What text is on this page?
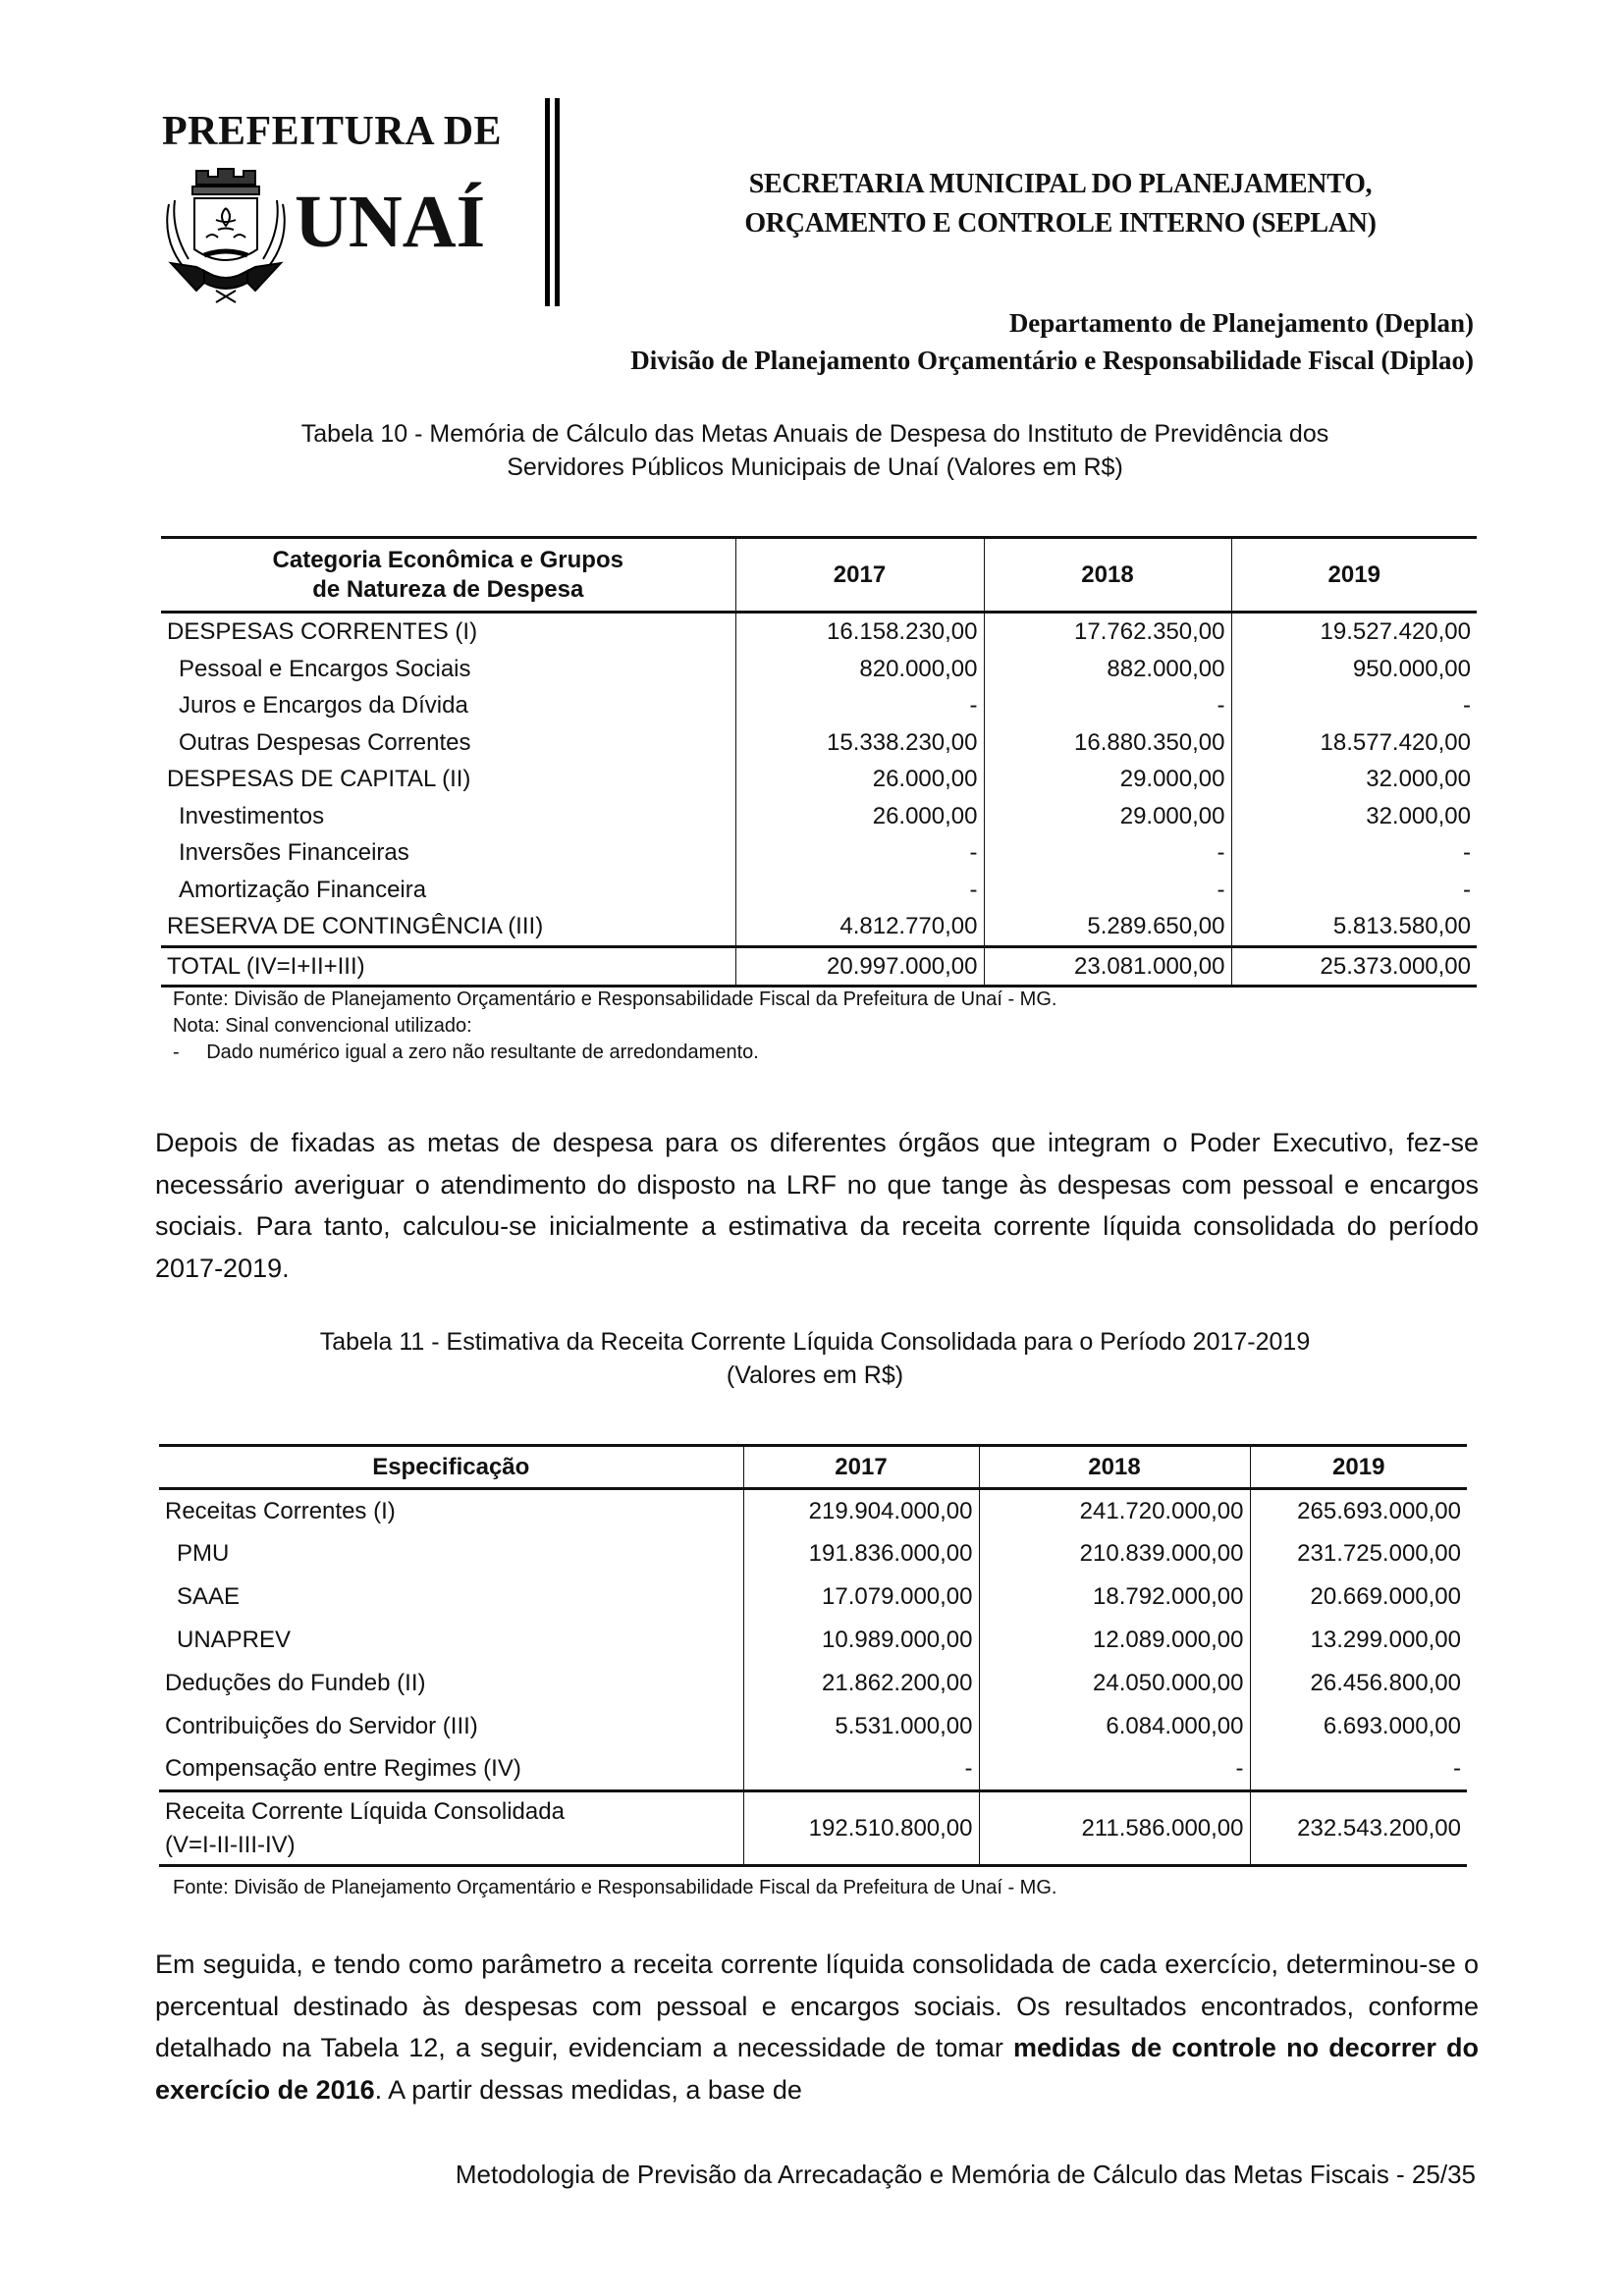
PREFEITURA DE
UNAÍ	SECRETARIA MUNICIPAL DO PLANEJAMENTO,
ORÇAMENTO E CONTROLE INTERNO (SEPLAN)
Departamento de Planejamento (Deplan)
Divisão de Planejamento Orçamentário e Responsabilidade Fiscal (Diplao)
Tabela 10 - Memória de Cálculo das Metas Anuais de Despesa do Instituto de Previdência dos
Servidores Públicos Municipais de Unaí (Valores em R$)
Categoria Econômica e Grupos
de Natureza de Despesa	2017	2018	2019
DESPESAS CORRENTES (I)	16.158.230,00	17.762.350,00	19.527.420,00
Pessoal e Encargos Sociais	820.000,00	882.000,00	950.000,00
Juros e Encargos da Dívida	-	-	-
Outras Despesas Correntes	15.338.230,00	16.880.350,00	18.577.420,00
DESPESAS DE CAPITAL (II)	26.000,00	29.000,00	32.000,00
Investimentos	26.000,00	29.000,00	32.000,00
Inversões Financeiras	-	-	-
Amortização Financeira	-	-	-
RESERVA DE CONTINGÊNCIA (III)	4.812.770,00	5.289.650,00	5.813.580,00
TOTAL (IV=I+II+III)	20.997.000,00	23.081.000,00	25.373.000,00
Fonte: Divisão de Planejamento Orçamentário e Responsabilidade Fiscal da Prefeitura de Unaí - MG.
Nota: Sinal convencional utilizado:
- Dado numérico igual a zero não resultante de arredondamento.
Depois de fixadas as metas de despesa para os diferentes órgãos que integram o Poder Executivo, fez-se necessário averiguar o atendimento do disposto na LRF no que tange às despesas com pessoal e encargos sociais. Para tanto, calculou-se inicialmente a estimativa da receita corrente líquida consolidada do período 2017-2019.
Tabela 11 - Estimativa da Receita Corrente Líquida Consolidada para o Período 2017-2019
(Valores em R$)
Especificação	2017	2018	2019
Receitas Correntes (I)	219.904.000,00	241.720.000,00	265.693.000,00
PMU	191.836.000,00	210.839.000,00	231.725.000,00
SAAE	17.079.000,00	18.792.000,00	20.669.000,00
UNAPREV	10.989.000,00	12.089.000,00	13.299.000,00
Deduções do Fundeb (II)	21.862.200,00	24.050.000,00	26.456.800,00
Contribuições do Servidor (III)	5.531.000,00	6.084.000,00	6.693.000,00
Compensação entre Regimes (IV)	-	-	-

Receita Corrente Líquida Consolidada
(V=I-II-III-IV)	192.510.800,00	211.586.000,00	232.543.200,00
Fonte: Divisão de Planejamento Orçamentário e Responsabilidade Fiscal da Prefeitura de Unaí - MG.
Em seguida, e tendo como parâmetro a receita corrente líquida consolidada de cada exercício, determinou-se o percentual destinado às despesas com pessoal e encargos sociais. Os resultados encontrados, conforme detalhado na Tabela 12, a seguir, evidenciam a necessidade de tomar medidas de controle no decorrer do exercício de 2016. A partir dessas medidas, a base de
Metodologia de Previsão da Arrecadação e Memória de Cálculo das Metas Fiscais - 25/35
